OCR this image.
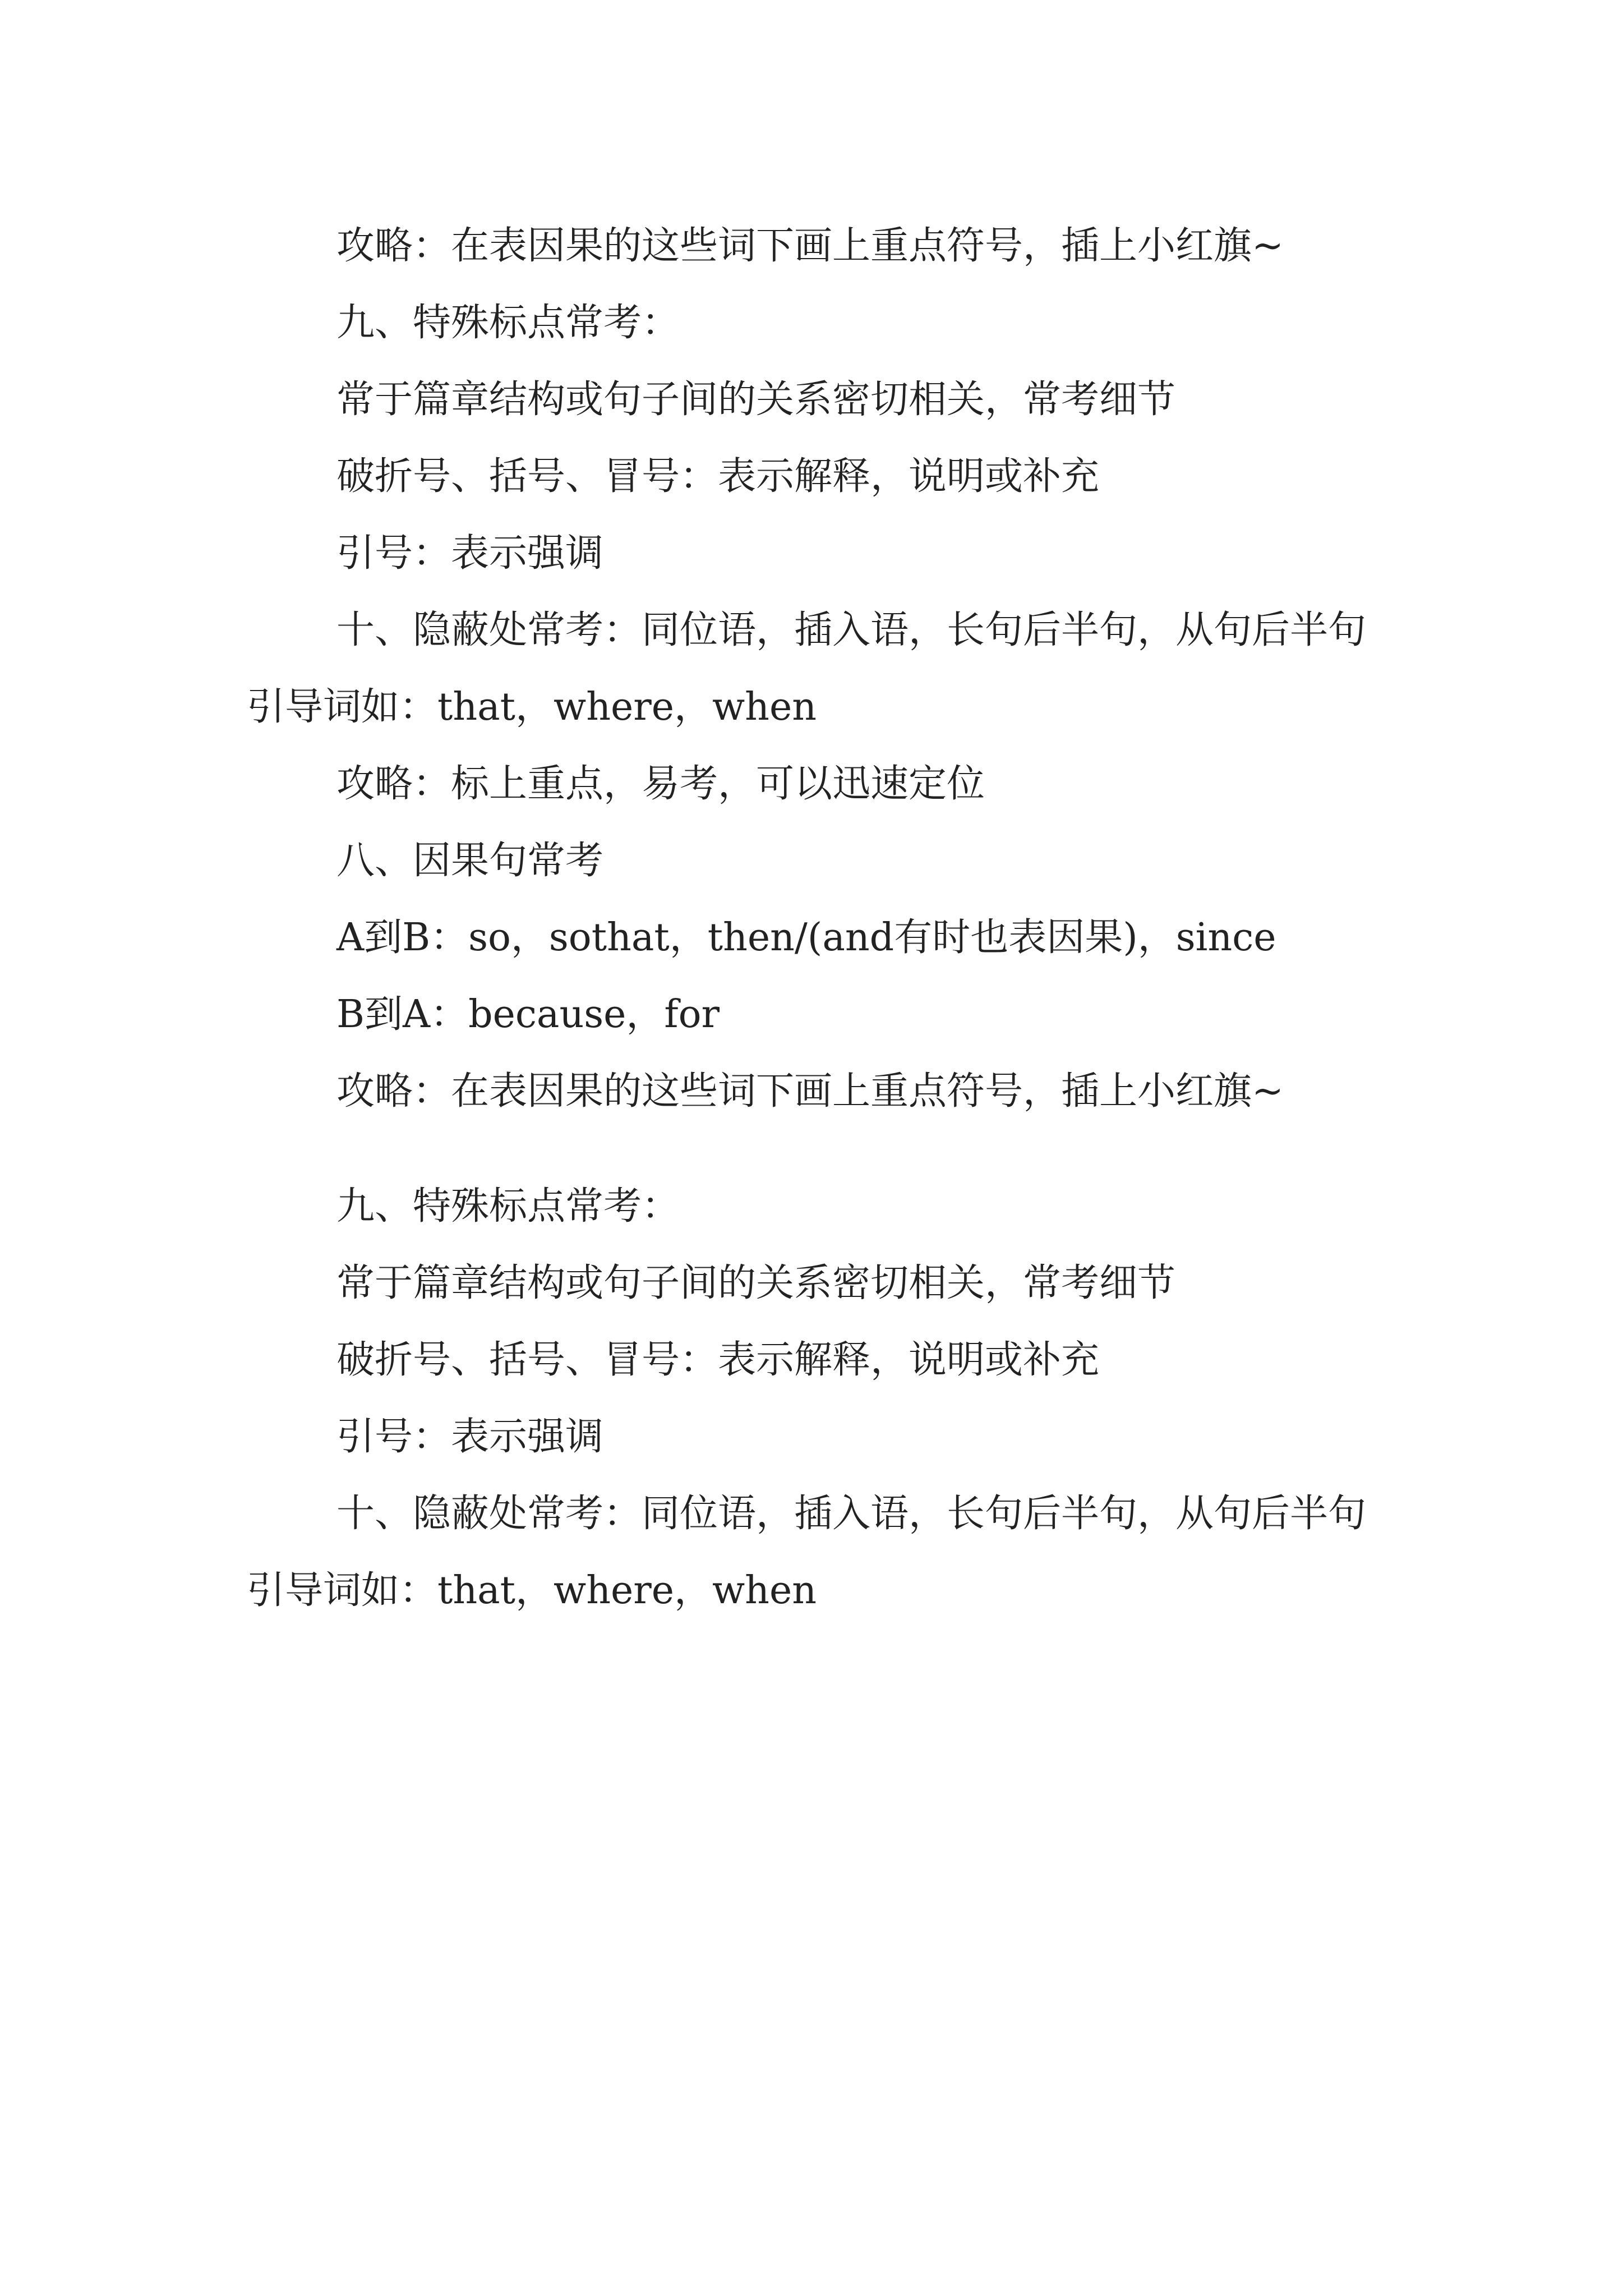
攻略：在表因果的这些词下画上重点符号，插上小红旗~

九、特殊标点常考：

常于篇章结构或句子间的关系密切相关，常考细节

破折号、括号、冒号：表示解释，说明或补充

引号：表示强调

十、隐蔽处常考：同位语，插入语，长句后半句，从句后半句引导词如：that，where，when

攻略：标上重点，易考，可以迅速定位

八、因果句常考

A到B：so，sothat，then/(and有时也表因果)，since

B到A：because，for

攻略：在表因果的这些词下画上重点符号，插上小红旗~

九、特殊标点常考：

常于篇章结构或句子间的关系密切相关，常考细节

破折号、括号、冒号：表示解释，说明或补充

引号：表示强调

十、隐蔽处常考：同位语，插入语，长句后半句，从句后半句引导词如：that，where，when
